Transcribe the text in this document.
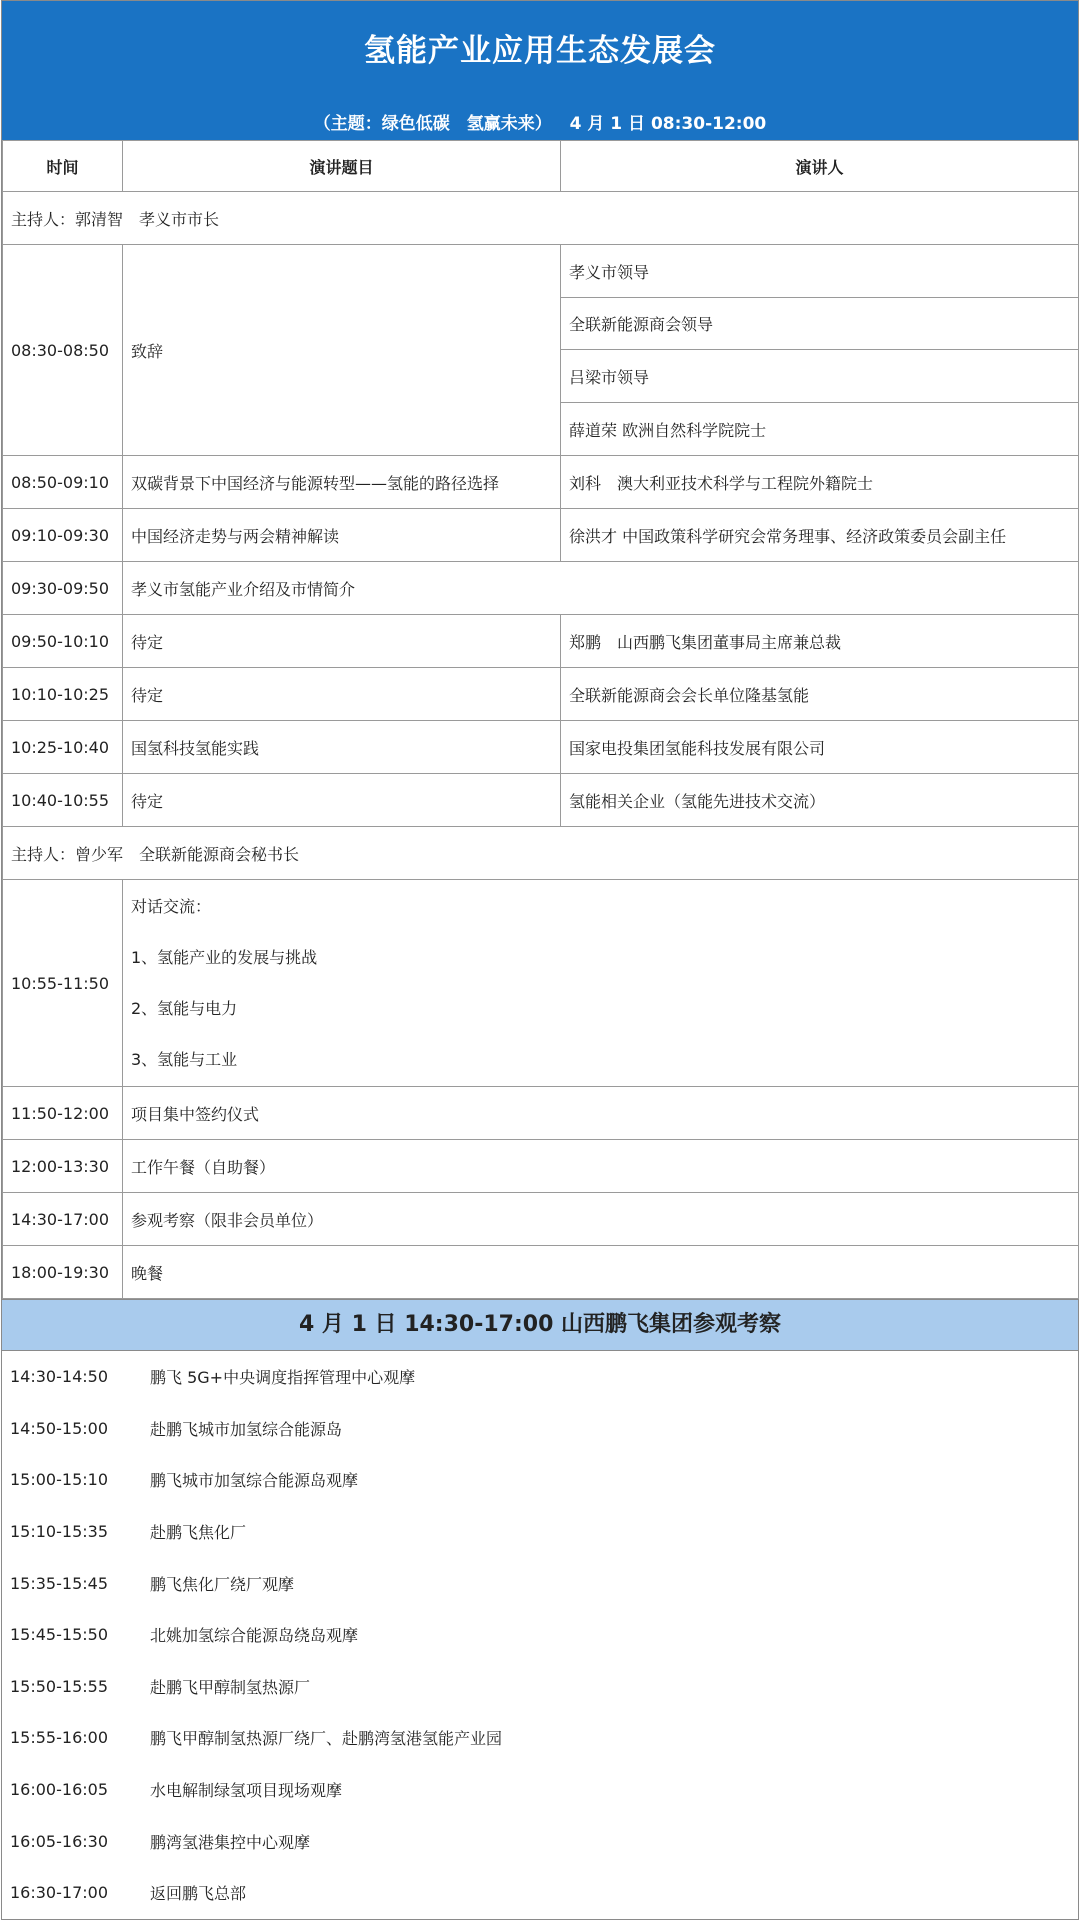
氢能产业应用生态发展会
（主题：绿色低碳　氢赢未来） 4 月 1 日 08:30-12:00
时间	演讲题目	演讲人
主持人：郭清智　孝义市市长		
08:30-08:50	致辞	孝义市领导
		全联新能源商会领导
		吕梁市领导
		薛道荣 欧洲自然科学院院士
08:50-09:10	双碳背景下中国经济与能源转型——氢能的路径选择	刘科　澳大利亚技术科学与工程院外籍院士
09:10-09:30	中国经济走势与两会精神解读	徐洪才 中国政策科学研究会常务理事、经济政策委员会副主任
09:30-09:50	孝义市氢能产业介绍及市情简介	
09:50-10:10	待定	郑鹏　山西鹏飞集团董事局主席兼总裁
10:10-10:25	待定	全联新能源商会会长单位隆基氢能
10:25-10:40	国氢科技氢能实践	国家电投集团氢能科技发展有限公司
10:40-10:55	待定	氢能相关企业（氢能先进技术交流）
主持人：曾少军　全联新能源商会秘书长		
10:55-11:50	对话交流：

1、氢能产业的发展与挑战

2、氢能与电力

3、氢能与工业	

11:50-12:00	项目集中签约仪式	
12:00-13:30	工作午餐（自助餐）	
14:30-17:00	参观考察（限非会员单位）	
18:00-19:30	晚餐	
4 月 1 日 14:30-17:00 山西鹏飞集团参观考察
14:30-14:50	鹏飞 5G+中央调度指挥管理中心观摩
14:50-15:00	赴鹏飞城市加氢综合能源岛
15:00-15:10	鹏飞城市加氢综合能源岛观摩
15:10-15:35	赴鹏飞焦化厂
15:35-15:45	鹏飞焦化厂绕厂观摩
15:45-15:50	北姚加氢综合能源岛绕岛观摩
15:50-15:55	赴鹏飞甲醇制氢热源厂
15:55-16:00	鹏飞甲醇制氢热源厂绕厂、赴鹏湾氢港氢能产业园
16:00-16:05	水电解制绿氢项目现场观摩
16:05-16:30	鹏湾氢港集控中心观摩
16:30-17:00	返回鹏飞总部
